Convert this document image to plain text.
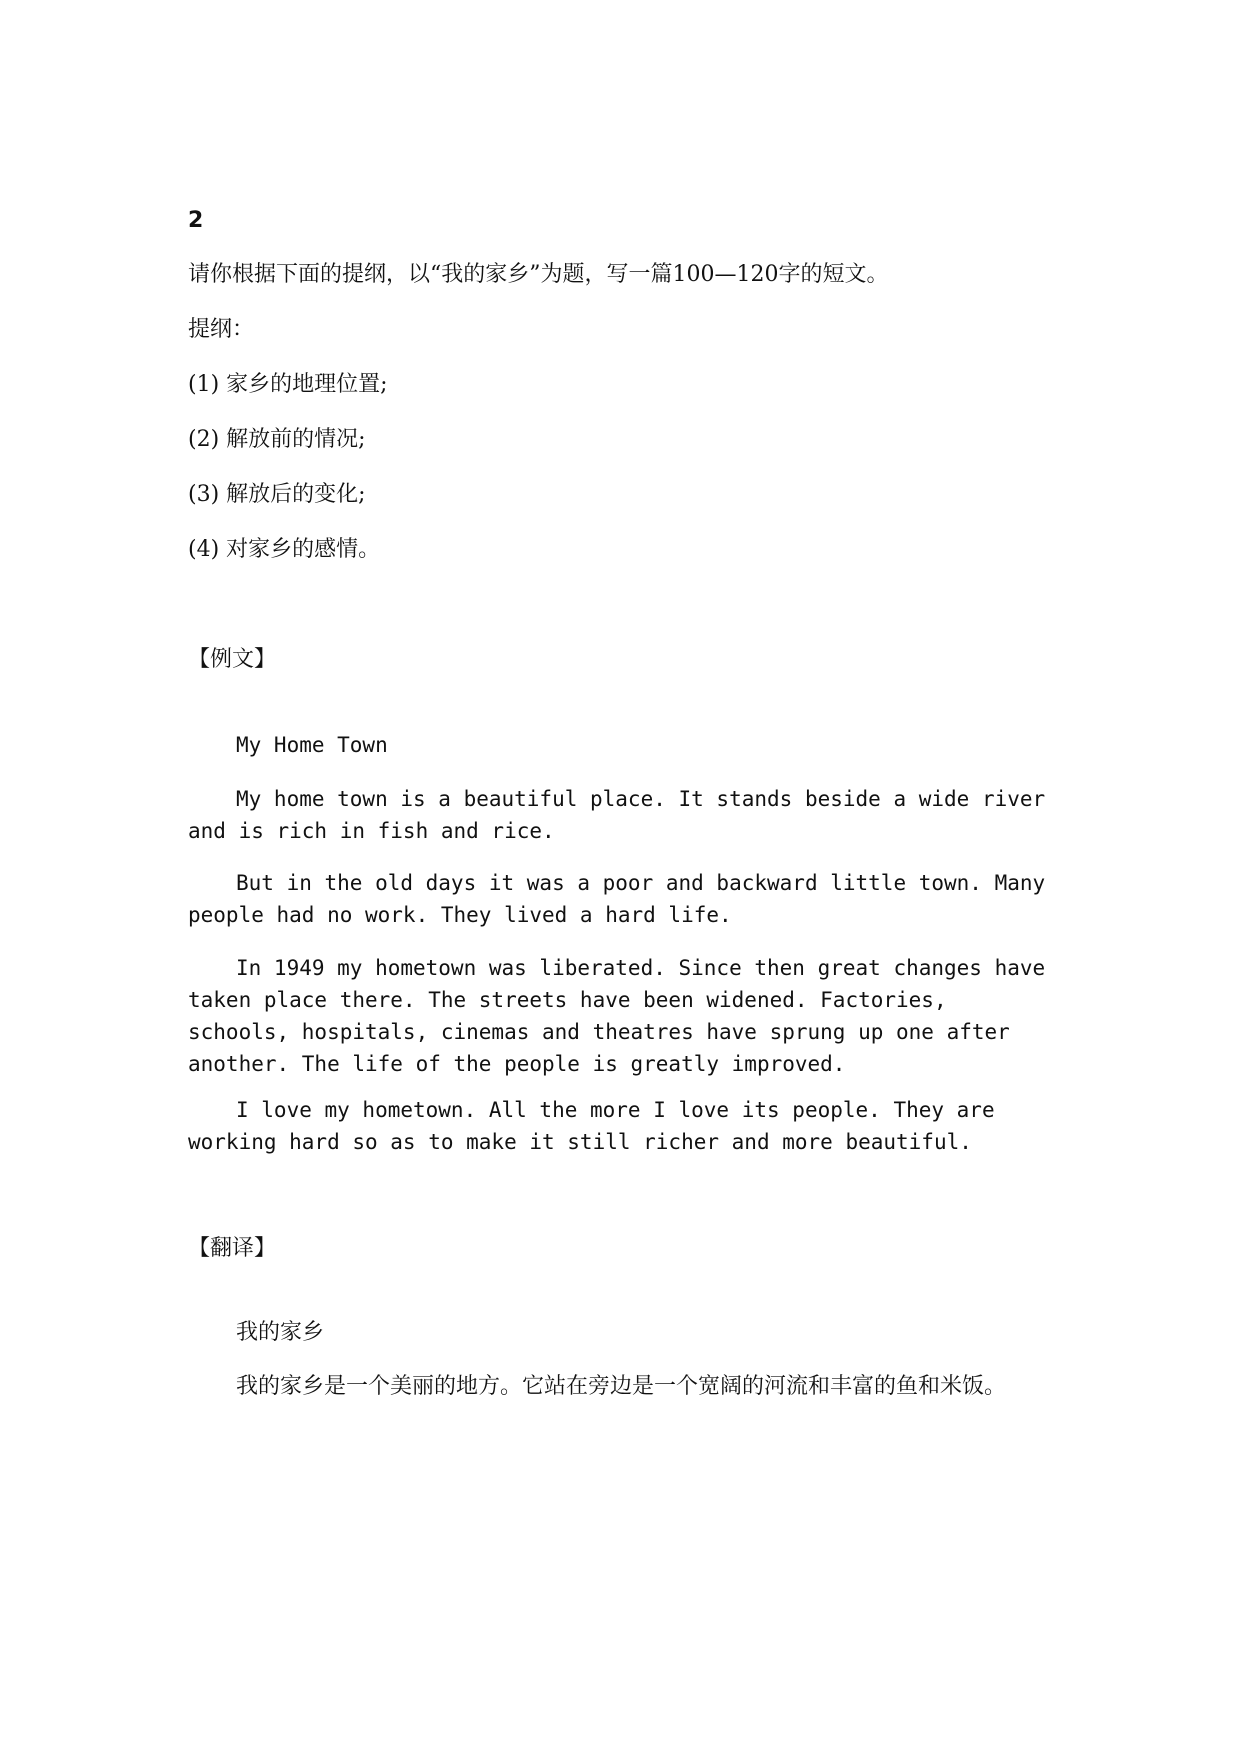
2
请你根据下面的提纲，以“我的家乡”为题，写一篇100—120字的短文。
提纲：
(1) 家乡的地理位置;
(2) 解放前的情况;
(3) 解放后的变化;
(4) 对家乡的感情。
【例文】
My Home Town

My home town is a beautiful place. It stands beside a wide river and is rich in fish and rice.

But in the old days it was a poor and backward little town. Many people had no work. They lived a hard life.

In 1949 my hometown was liberated. Since then great changes have taken place there. The streets have been widened. Factories, schools, hospitals, cinemas and theatres have sprung up one after another. The life of the people is greatly improved.

I love my hometown. All the more I love its people. They are working hard so as to make it still richer and more beautiful.

【翻译】
我的家乡
我的家乡是一个美丽的地方。它站在旁边是一个宽阔的河流和丰富的鱼和米饭。
